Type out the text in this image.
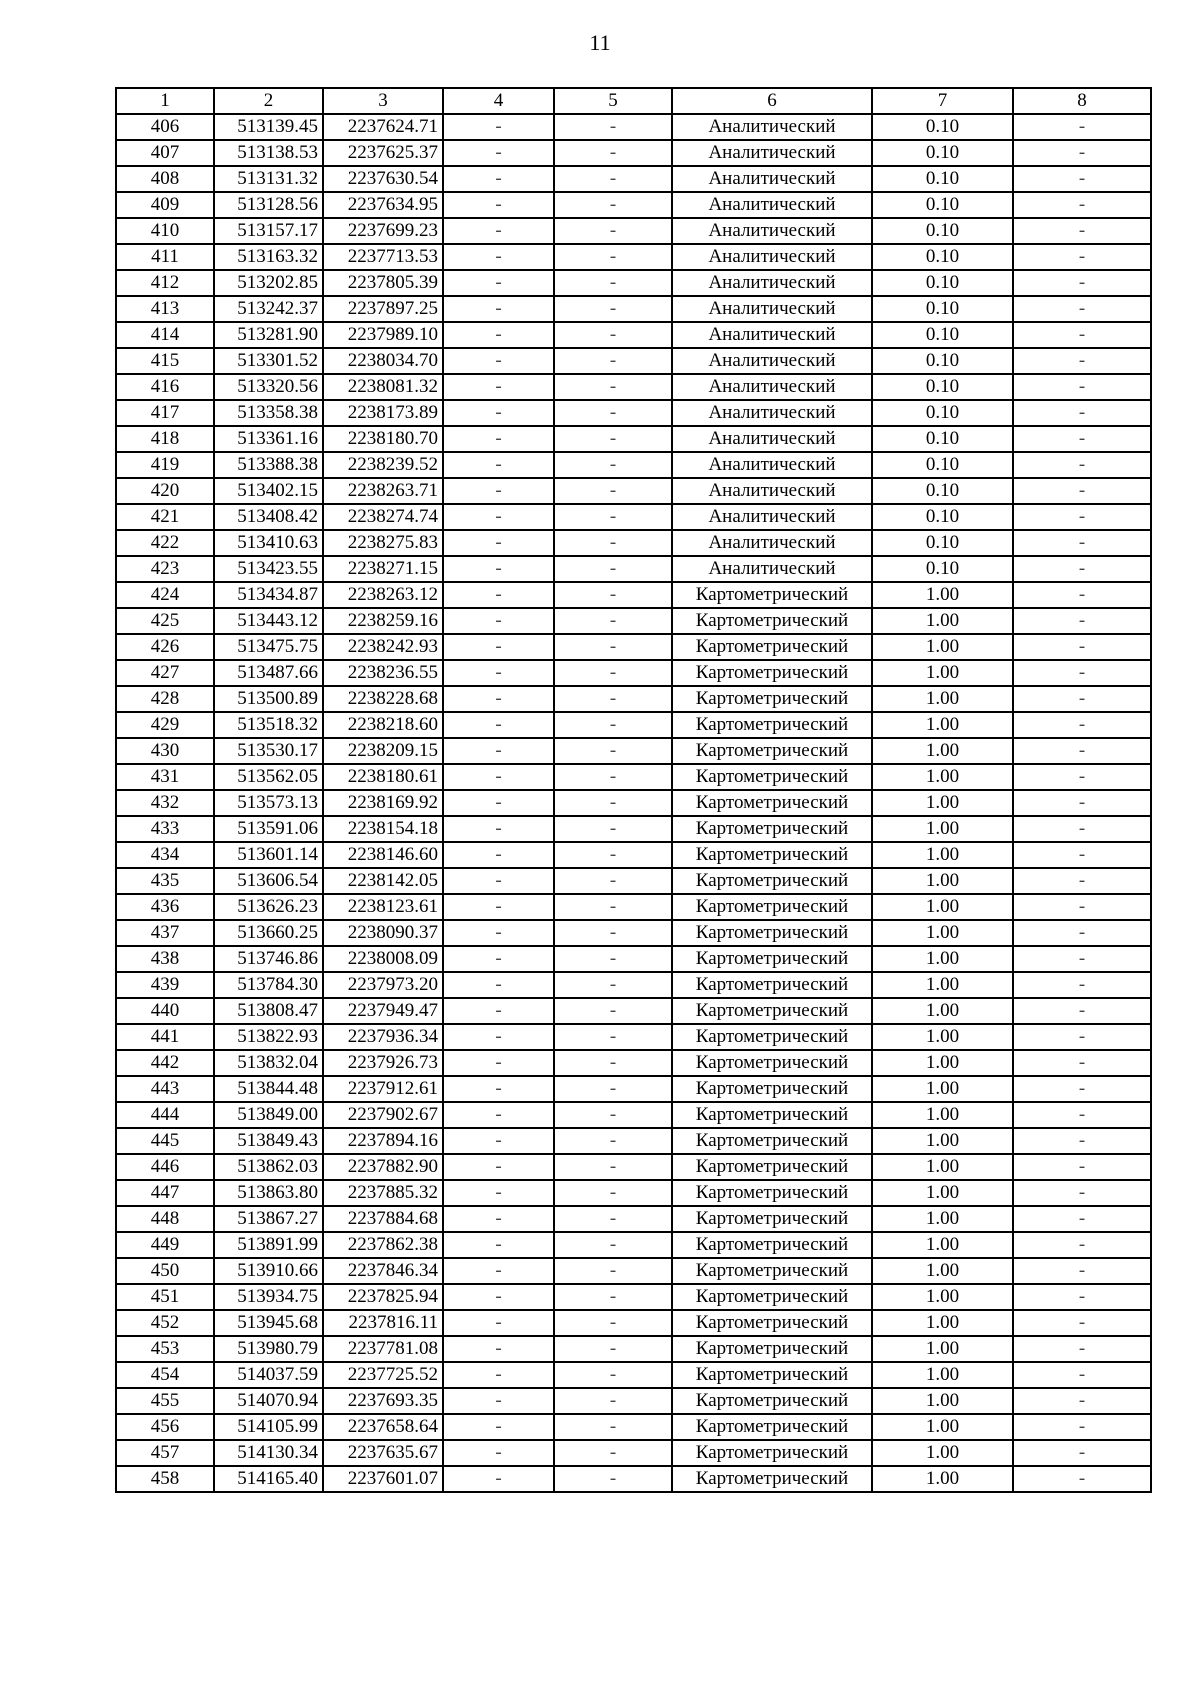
11
1	2	3	4	5	6	7	8
406	513139.45	2237624.71	-	-	Аналитический	0.10	-
407	513138.53	2237625.37	-	-	Аналитический	0.10	-
408	513131.32	2237630.54	-	-	Аналитический	0.10	-
409	513128.56	2237634.95	-	-	Аналитический	0.10	-
410	513157.17	2237699.23	-	-	Аналитический	0.10	-
411	513163.32	2237713.53	-	-	Аналитический	0.10	-
412	513202.85	2237805.39	-	-	Аналитический	0.10	-
413	513242.37	2237897.25	-	-	Аналитический	0.10	-
414	513281.90	2237989.10	-	-	Аналитический	0.10	-
415	513301.52	2238034.70	-	-	Аналитический	0.10	-
416	513320.56	2238081.32	-	-	Аналитический	0.10	-
417	513358.38	2238173.89	-	-	Аналитический	0.10	-
418	513361.16	2238180.70	-	-	Аналитический	0.10	-
419	513388.38	2238239.52	-	-	Аналитический	0.10	-
420	513402.15	2238263.71	-	-	Аналитический	0.10	-
421	513408.42	2238274.74	-	-	Аналитический	0.10	-
422	513410.63	2238275.83	-	-	Аналитический	0.10	-
423	513423.55	2238271.15	-	-	Аналитический	0.10	-
424	513434.87	2238263.12	-	-	Картометрический	1.00	-
425	513443.12	2238259.16	-	-	Картометрический	1.00	-
426	513475.75	2238242.93	-	-	Картометрический	1.00	-
427	513487.66	2238236.55	-	-	Картометрический	1.00	-
428	513500.89	2238228.68	-	-	Картометрический	1.00	-
429	513518.32	2238218.60	-	-	Картометрический	1.00	-
430	513530.17	2238209.15	-	-	Картометрический	1.00	-
431	513562.05	2238180.61	-	-	Картометрический	1.00	-
432	513573.13	2238169.92	-	-	Картометрический	1.00	-
433	513591.06	2238154.18	-	-	Картометрический	1.00	-
434	513601.14	2238146.60	-	-	Картометрический	1.00	-
435	513606.54	2238142.05	-	-	Картометрический	1.00	-
436	513626.23	2238123.61	-	-	Картометрический	1.00	-
437	513660.25	2238090.37	-	-	Картометрический	1.00	-
438	513746.86	2238008.09	-	-	Картометрический	1.00	-
439	513784.30	2237973.20	-	-	Картометрический	1.00	-
440	513808.47	2237949.47	-	-	Картометрический	1.00	-
441	513822.93	2237936.34	-	-	Картометрический	1.00	-
442	513832.04	2237926.73	-	-	Картометрический	1.00	-
443	513844.48	2237912.61	-	-	Картометрический	1.00	-
444	513849.00	2237902.67	-	-	Картометрический	1.00	-
445	513849.43	2237894.16	-	-	Картометрический	1.00	-
446	513862.03	2237882.90	-	-	Картометрический	1.00	-
447	513863.80	2237885.32	-	-	Картометрический	1.00	-
448	513867.27	2237884.68	-	-	Картометрический	1.00	-
449	513891.99	2237862.38	-	-	Картометрический	1.00	-
450	513910.66	2237846.34	-	-	Картометрический	1.00	-
451	513934.75	2237825.94	-	-	Картометрический	1.00	-
452	513945.68	2237816.11	-	-	Картометрический	1.00	-
453	513980.79	2237781.08	-	-	Картометрический	1.00	-
454	514037.59	2237725.52	-	-	Картометрический	1.00	-
455	514070.94	2237693.35	-	-	Картометрический	1.00	-
456	514105.99	2237658.64	-	-	Картометрический	1.00	-
457	514130.34	2237635.67	-	-	Картометрический	1.00	-
458	514165.40	2237601.07	-	-	Картометрический	1.00	-
